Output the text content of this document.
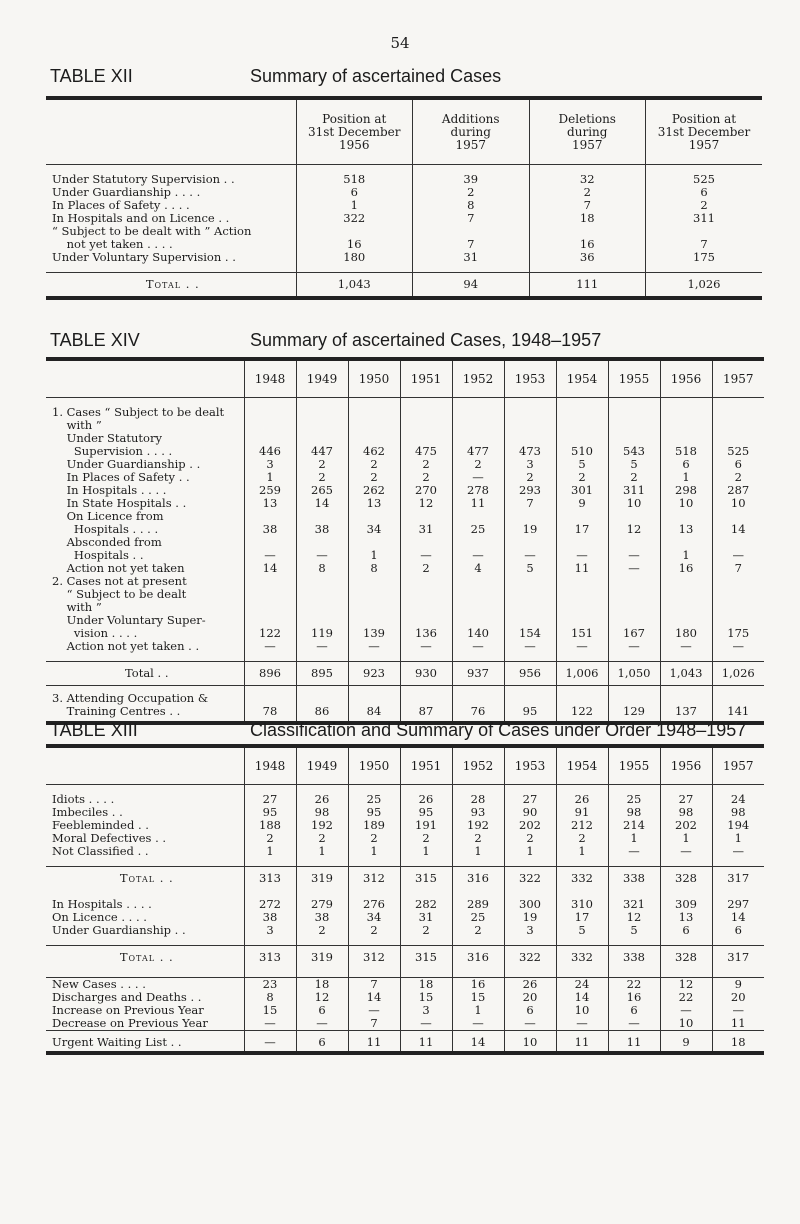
54
TABLE XII	Summary of ascertained Cases
	Position at
31st December
1956	Additions
during
1957	Deletions
during
1957	Position at
31st December
1957

Under Statutory Supervision . .	518	39	32	525
Under Guardianship . . . .	6	2	2	6
In Places of Safety . . . .	1	8	7	2
In Hospitals and on Licence . .	322	7	18	311
“ Subject to be dealt with ” Action				
not yet taken . . . .	16	7	16	7
Under Voluntary Supervision . .	180	31	36	175

Total . .	1,043	94	111	1,026
TABLE XIV	Summary of ascertained Cases, 1948–1957
	1948	1949	1950	1951	1952	1953	1954	1955	1956	1957

1. Cases “ Subject to be dealt										
with ”										
Under Statutory										
Supervision . . . .	446	447	462	475	477	473	510	543	518	525
Under Guardianship . .	3	2	2	2	2	3	5	5	6	6
In Places of Safety . .	1	2	2	2	—	2	2	2	1	2
In Hospitals . . . .	259	265	262	270	278	293	301	311	298	287
In State Hospitals . .	13	14	13	12	11	7	9	10	10	10
On Licence from										
Hospitals . . . .	38	38	34	31	25	19	17	12	13	14
Absconded from										
Hospitals . .	—	—	1	—	—	—	—	—	1	—
Action not yet taken	14	8	8	2	4	5	11	—	16	7
2. Cases not at present										
“ Subject to be dealt										
with ”										
Under Voluntary Super-										
vision . . . .	122	119	139	136	140	154	151	167	180	175
Action not yet taken . .	—	—	—	—	—	—	—	—	—	—

Total . .	896	895	923	930	937	956	1,006	1,050	1,043	1,026
3. Attending Occupation &										
Training Centres . .	78	86	84	87	76	95	122	129	137	141
TABLE XIII	Classification and Summary of Cases under Order 1948–1957
	1948	1949	1950	1951	1952	1953	1954	1955	1956	1957

Idiots . . . .	27	26	25	26	28	27	26	25	27	24
Imbeciles . .	95	98	95	95	93	90	91	98	98	98
Feebleminded . .	188	192	189	191	192	202	212	214	202	194
Moral Defectives . .	2	2	2	2	2	2	2	1	1	1
Not Classified . .	1	1	1	1	1	1	1	—	—	—

Total . .	313	319	312	315	316	322	332	338	328	317

In Hospitals . . . .	272	279	276	282	289	300	310	321	309	297
On Licence . . . .	38	38	34	31	25	19	17	12	13	14
Under Guardianship . .	3	2	2	2	2	3	5	5	6	6

Total . .	313	319	312	315	316	322	332	338	328	317

New Cases . . . .	23	18	7	18	16	26	24	22	12	9
Discharges and Deaths . .	8	12	14	15	15	20	14	16	22	20
Increase on Previous Year	15	6	—	3	1	6	10	6	—	—
Decrease on Previous Year	—	—	7	—	—	—	—	—	10	11
Urgent Waiting List . .	—	6	11	11	14	10	11	11	9	18
